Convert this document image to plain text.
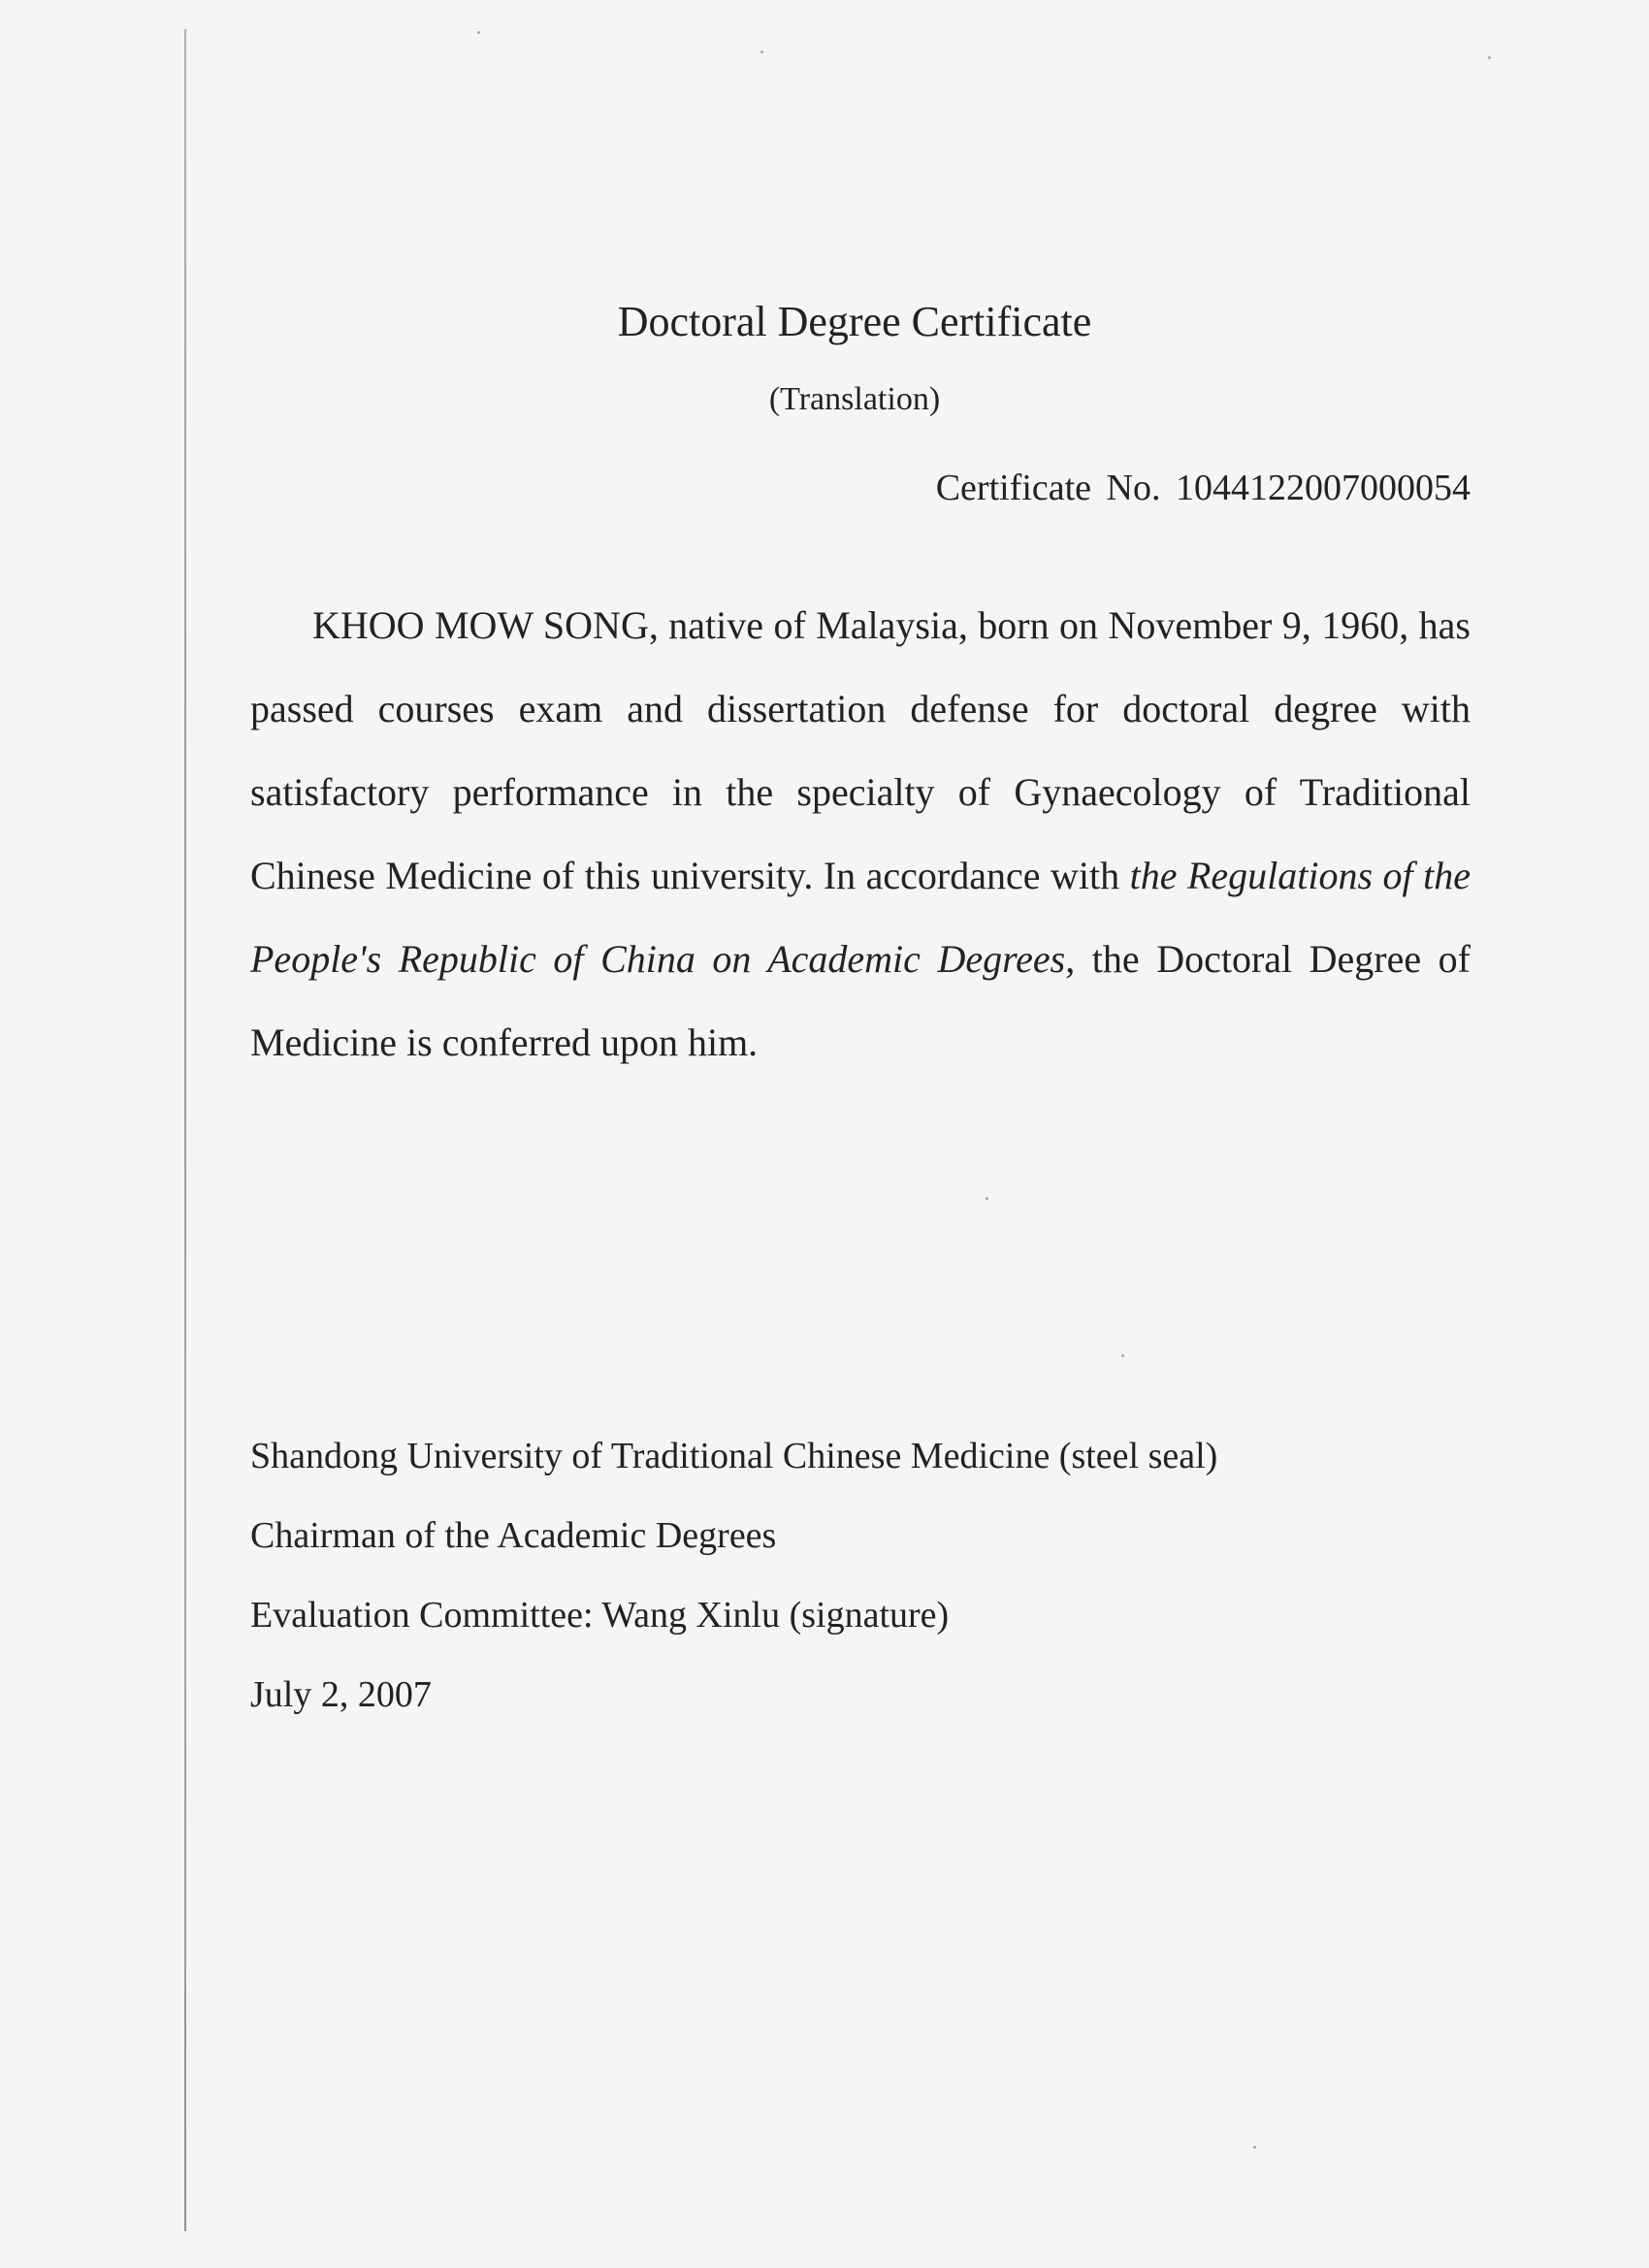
Doctoral Degree Certificate
(Translation)
Certificate No. 1044122007000054

KHOO MOW SONG, native of Malaysia, born on November 9, 1960, has passed courses exam and dissertation defense for doctoral degree with satisfactory performance in the specialty of Gynaecology of Traditional Chinese Medicine of this university. In accordance with the Regulations of the People's Republic of China on Academic Degrees, the Doctoral Degree of Medicine is conferred upon him.

Shandong University of Traditional Chinese Medicine (steel seal)
Chairman of the Academic Degrees
Evaluation Committee: Wang Xinlu (signature)
July 2, 2007
